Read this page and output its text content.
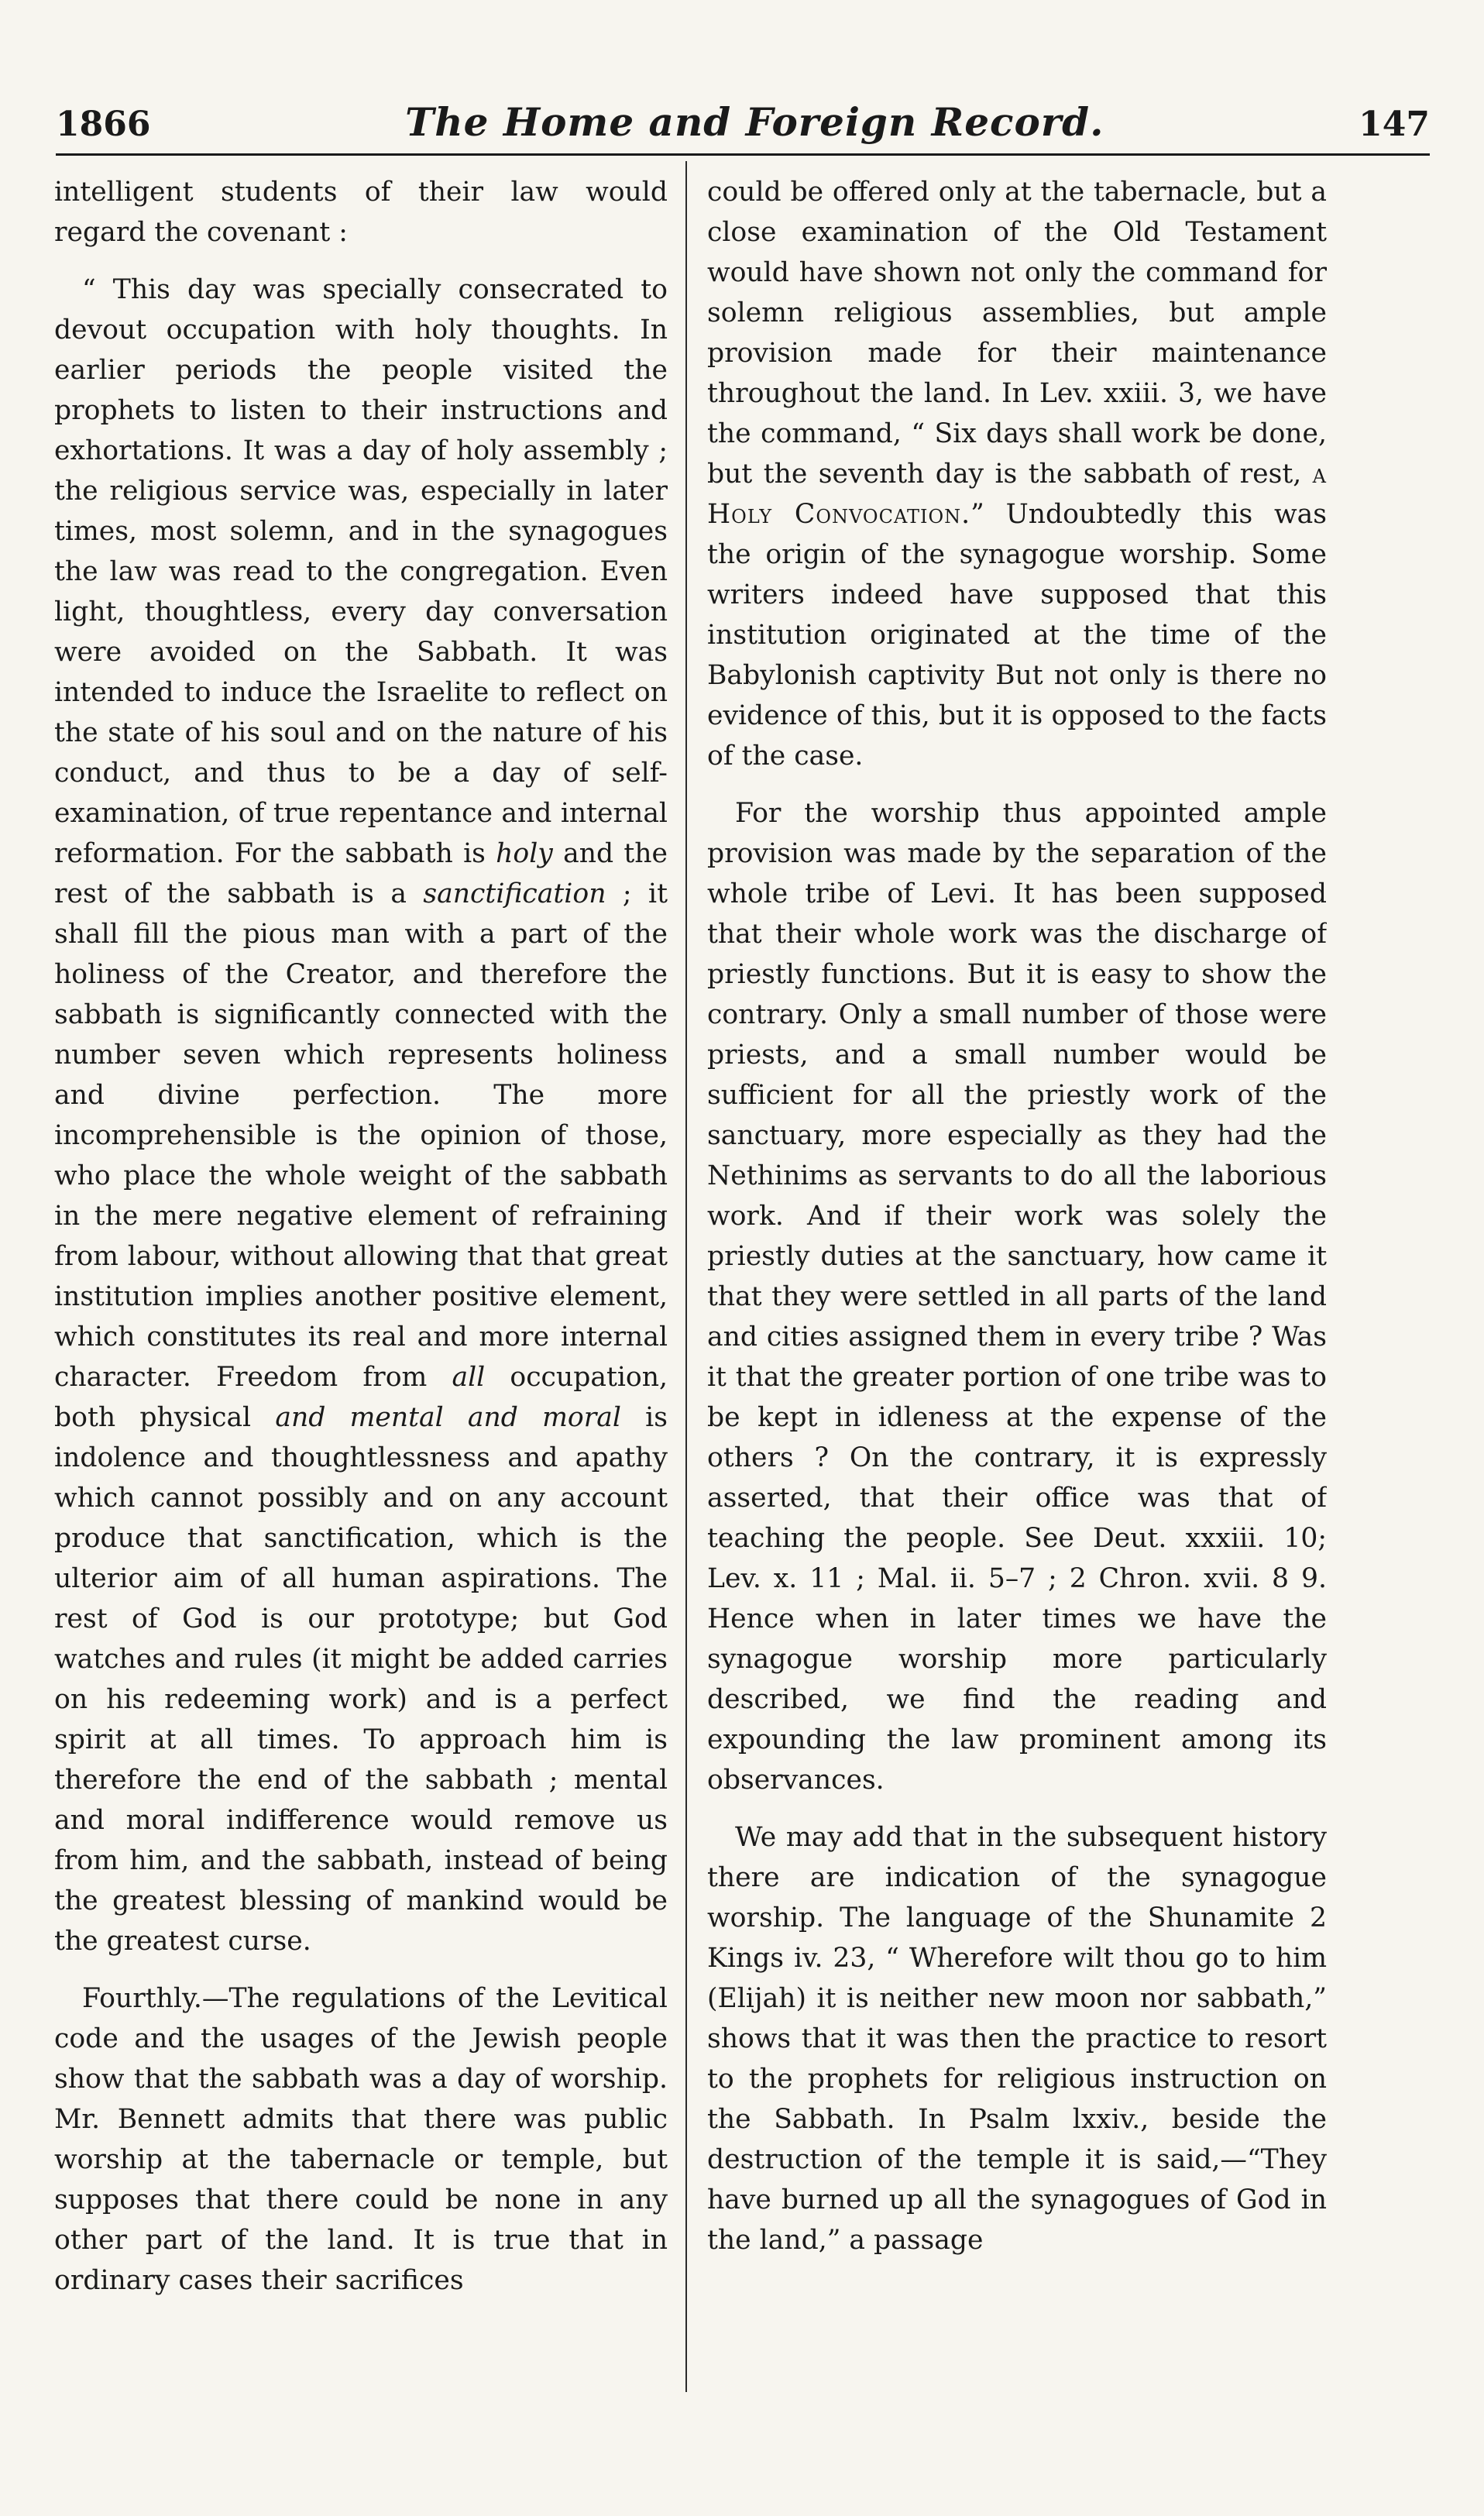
1866	The Home and Foreign Record.	147

intelligent students of their law would regard the covenant :

“ This day was specially consecrated to devout occupation with holy thoughts. In earlier periods the people visited the prophets to listen to their instructions and exhortations. It was a day of holy assembly ; the religious service was, especially in later times, most solemn, and in the synagogues the law was read to the congregation. Even light, thoughtless, every day conversation were avoided on the Sabbath. It was intended to induce the Israelite to reflect on the state of his soul and on the nature of his conduct, and thus to be a day of self-examination, of true repentance and internal reformation. For the sabbath is holy and the rest of the sabbath is a sanctification ; it shall fill the pious man with a part of the holiness of the Creator, and therefore the sabbath is significantly connected with the number seven which represents holiness and divine perfection. The more incomprehensible is the opinion of those, who place the whole weight of the sabbath in the mere negative element of refraining from labour, without allowing that that great institution implies another positive element, which constitutes its real and more internal character. Freedom from all occupation, both physical and mental and moral is indolence and thoughtlessness and apathy which cannot possibly and on any account produce that sanctification, which is the ulterior aim of all human aspirations. The rest of God is our prototype; but God watches and rules (it might be added carries on his redeeming work) and is a perfect spirit at all times. To approach him is therefore the end of the sabbath ; mental and moral indifference would remove us from him, and the sabbath, instead of being the greatest blessing of mankind would be the greatest curse.

Fourthly.—The regulations of the Levitical code and the usages of the Jewish people show that the sabbath was a day of worship. Mr. Bennett admits that there was public worship at the tabernacle or temple, but supposes that there could be none in any other part of the land. It is true that in ordinary cases their sacrifices

could be offered only at the tabernacle, but a close examination of the Old Testament would have shown not only the command for solemn religious assemblies, but ample provision made for their maintenance throughout the land. In Lev. xxiii. 3, we have the command, “ Six days shall work be done, but the seventh day is the sabbath of rest, a Holy Convocation.” Undoubtedly this was the origin of the synagogue worship. Some writers indeed have supposed that this institution originated at the time of the Babylonish captivity But not only is there no evidence of this, but it is opposed to the facts of the case.

For the worship thus appointed ample provision was made by the separation of the whole tribe of Levi. It has been supposed that their whole work was the discharge of priestly functions. But it is easy to show the contrary. Only a small number of those were priests, and a small number would be sufficient for all the priestly work of the sanctuary, more especially as they had the Nethinims as servants to do all the laborious work. And if their work was solely the priestly duties at the sanctuary, how came it that they were settled in all parts of the land and cities assigned them in every tribe ? Was it that the greater portion of one tribe was to be kept in idleness at the expense of the others ? On the contrary, it is expressly asserted, that their office was that of teaching the people. See Deut. xxxiii. 10; Lev. x. 11 ; Mal. ii. 5–7 ; 2 Chron. xvii. 8 9. Hence when in later times we have the synagogue worship more particularly described, we find the reading and expounding the law prominent among its observances.

We may add that in the subsequent history there are indication of the synagogue worship. The language of the Shunamite 2 Kings iv. 23, “ Wherefore wilt thou go to him (Elijah) it is neither new moon nor sabbath,” shows that it was then the practice to resort to the prophets for religious instruction on the Sabbath. In Psalm lxxiv., beside the destruction of the temple it is said,—“They have burned up all the synagogues of God in the land,” a passage
